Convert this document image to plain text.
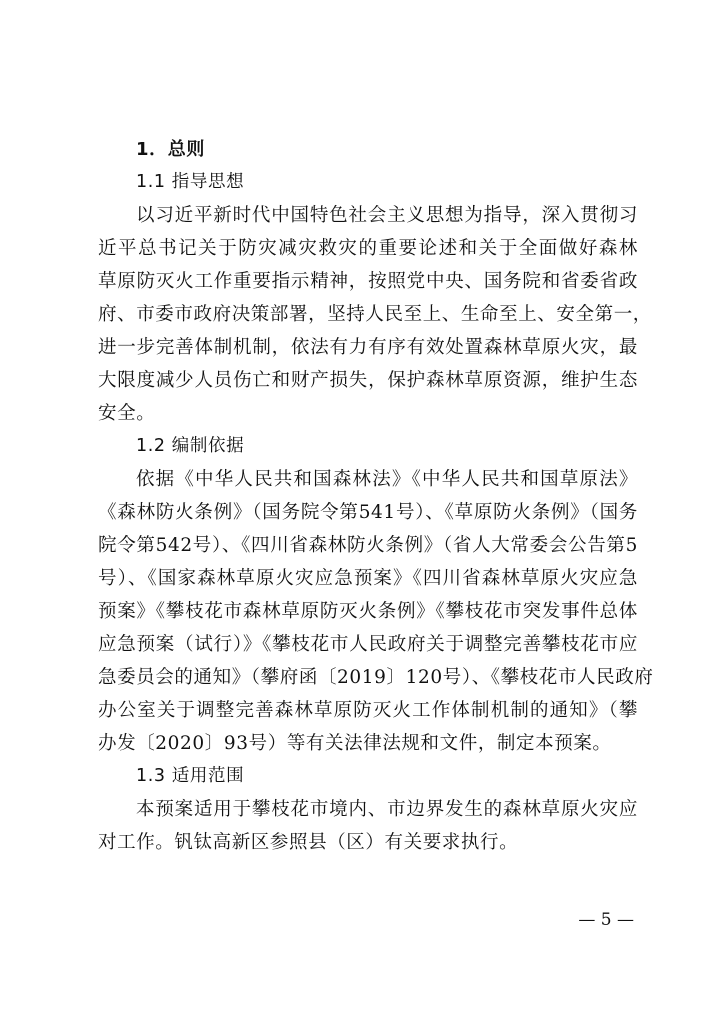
1．总则
1.1 指导思想
以习近平新时代中国特色社会主义思想为指导，深入贯彻习
近平总书记关于防灾减灾救灾的重要论述和关于全面做好森林
草原防灭火工作重要指示精神，按照党中央、国务院和省委省政
府、市委市政府决策部署，坚持人民至上、生命至上、安全第一，
进一步完善体制机制，依法有力有序有效处置森林草原火灾，最
大限度减少人员伤亡和财产损失，保护森林草原资源，维护生态
安全。
1.2 编制依据
依据《中华人民共和国森林法》《中华人民共和国草原法》
《森林防火条例》（国务院令第541号）、《草原防火条例》（国务
院令第542号）、《四川省森林防火条例》（省人大常委会公告第5
号）、《国家森林草原火灾应急预案》《四川省森林草原火灾应急
预案》《攀枝花市森林草原防灭火条例》《攀枝花市突发事件总体
应急预案（试行）》《攀枝花市人民政府关于调整完善攀枝花市应
急委员会的通知》（攀府函〔2019〕120号）、《攀枝花市人民政府
办公室关于调整完善森林草原防灭火工作体制机制的通知》（攀
办发〔2020〕93号）等有关法律法规和文件，制定本预案。
1.3 适用范围
本预案适用于攀枝花市境内、市边界发生的森林草原火灾应
对工作。钒钛高新区参照县（区）有关要求执行。
— 5 —
